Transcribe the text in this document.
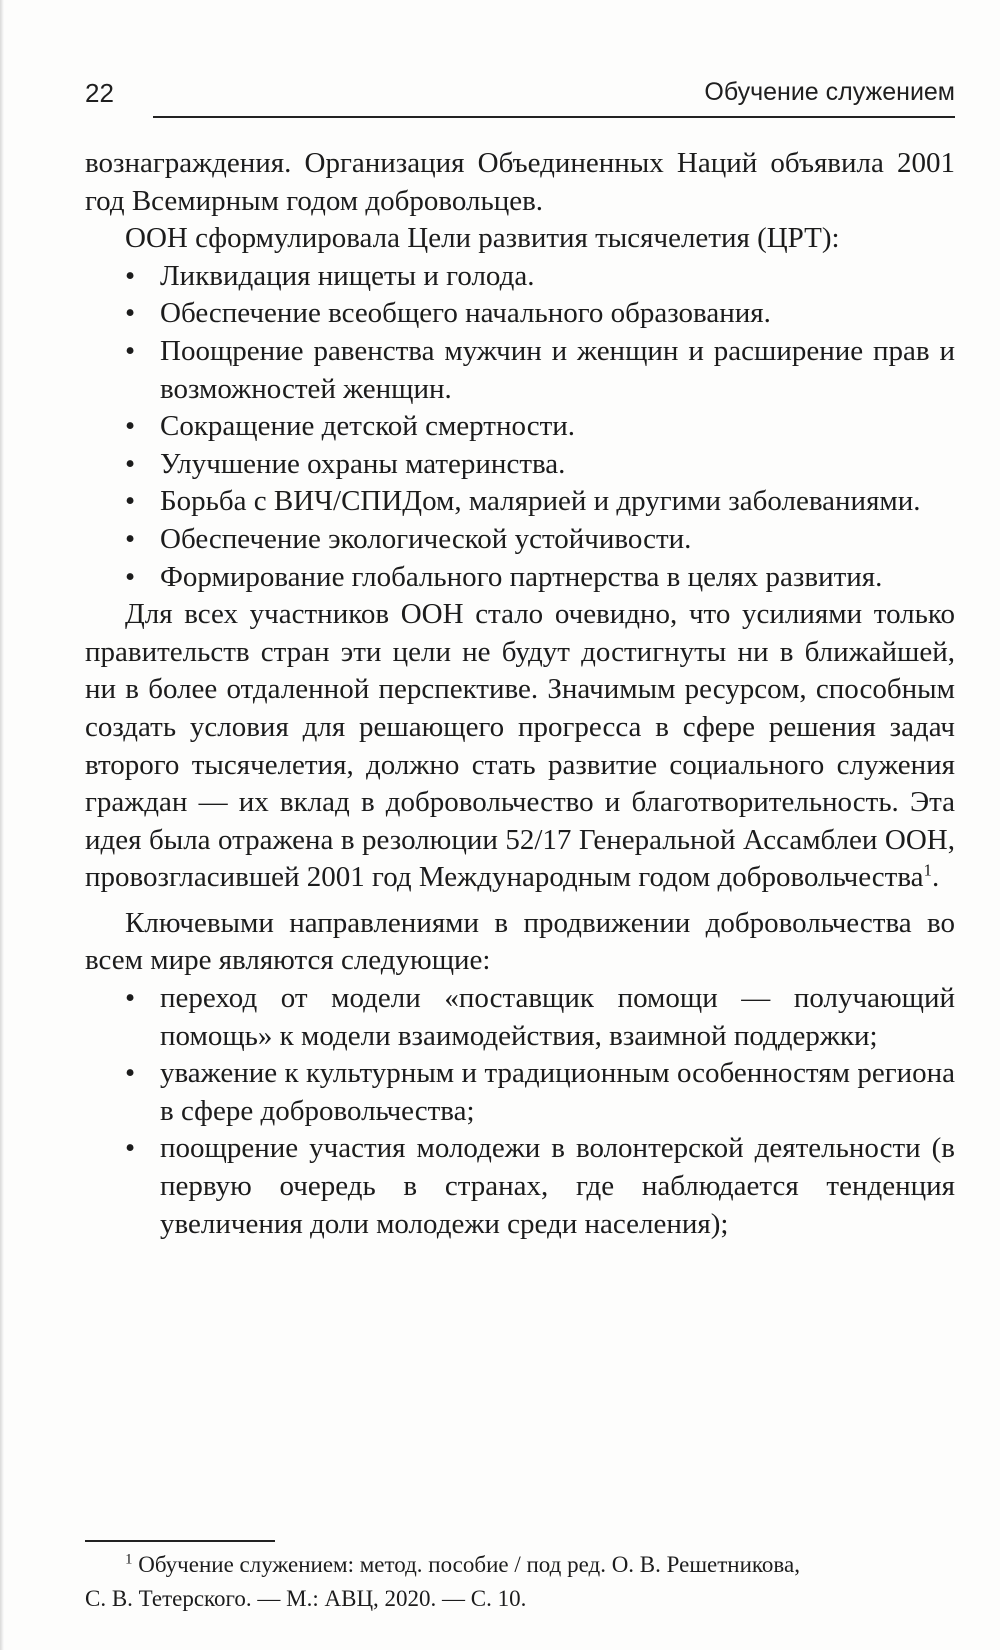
22	Обучение служением

вознаграждения. Организация Объединенных Наций объявила 2001 год Всемирным годом добровольцев.

ООН сформулировала Цели развития тысячелетия (ЦРТ):

• Ликвидация нищеты и голода.
• Обеспечение всеобщего начального образования.
• Поощрение равенства мужчин и женщин и расширение прав и возможностей женщин.
• Сокращение детской смертности.
• Улучшение охраны материнства.
• Борьба с ВИЧ/СПИДом, малярией и другими заболеваниями.
• Обеспечение экологической устойчивости.
• Формирование глобального партнерства в целях развития.

Для всех участников ООН стало очевидно, что усилиями только правительств стран эти цели не будут достигнуты ни в ближайшей, ни в более отдаленной перспективе. Значимым ресурсом, способным создать условия для решающего прогресса в сфере решения задач второго тысячелетия, должно стать развитие социального служения граждан — их вклад в добровольчество и благотворительность. Эта идея была отражена в резолюции 52/17 Генеральной Ассамблеи ООН, провозгласившей 2001 год Международным годом добровольчества$^1$.

Ключевыми направлениями в продвижении добровольчества во всем мире являются следующие:

• переход от модели «поставщик помощи — получающий помощь» к модели взаимодействия, взаимной поддержки;
• уважение к культурным и традиционным особенностям региона в сфере добровольчества;
• поощрение участия молодежи в волонтерской деятельности (в первую очередь в странах, где наблюдается тенденция увеличения доли молодежи среди населения);
$^1$ Обучение служением: метод. пособие / под ред. О. В. Решетникова,
С. В. Тетерского. — М.: АВЦ, 2020. — С. 10.
